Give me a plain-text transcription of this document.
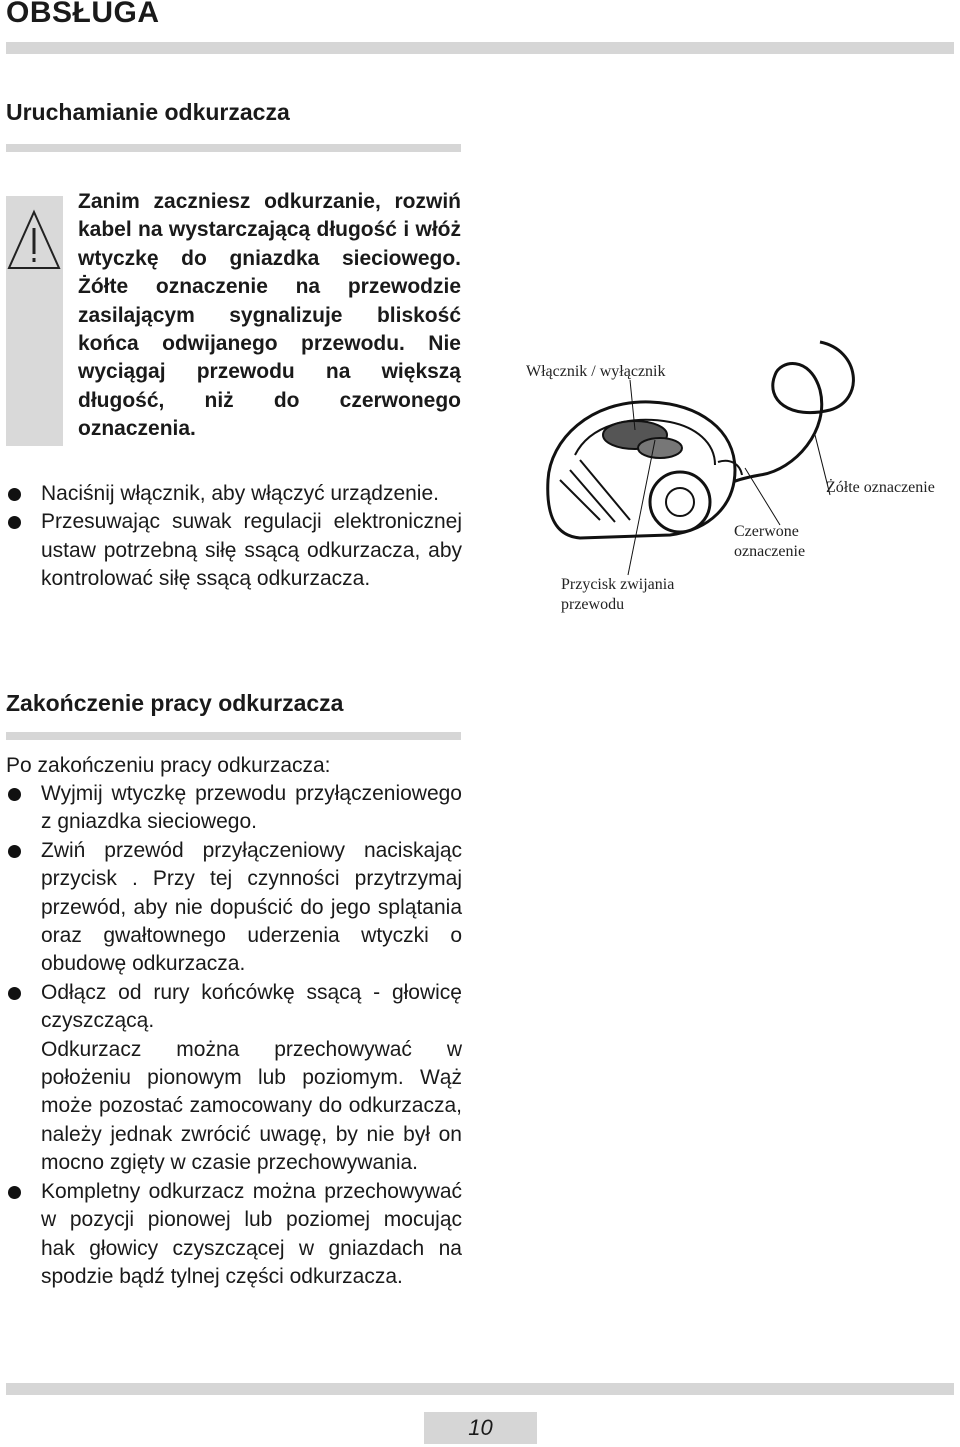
OBSŁUGA
Uruchamianie odkurzacza
Zanim zaczniesz odkurzanie, rozwiń kabel na wystarczającą długość i włóż wtyczkę do gniazdka sieciowego. Żółte oznaczenie na przewodzie zasilającym sygnalizuje bliskość końca odwijanego przewodu. Nie wyciągaj przewodu na większą długość, niż do czerwonego oznaczenia.
Naciśnij włącznik, aby włączyć urządzenie.
Przesuwając suwak regulacji elektronicznej ustaw potrzebną siłę ssącą odkurzacza, aby kontrolować siłę ssącą odkurzacza.
Włącznik / wyłącznik
Żółte oznaczenie
Czerwone oznaczenie
Przycisk zwijania przewodu
Zakończenie pracy odkurzacza
Po zakończeniu pracy odkurzacza:
Wyjmij wtyczkę przewodu przyłączeniowego z gniazdka sieciowego.
Zwiń przewód przyłączeniowy naciskając przycisk . Przy tej czynności przytrzymaj przewód, aby nie dopuścić do jego splątania oraz gwałtownego uderzenia wtyczki o obudowę odkurzacza.
Odłącz od rury końcówkę ssącą - głowicę czyszczącą.
Odkurzacz można przechowywać w położeniu pionowym lub poziomym. Wąż może pozostać zamocowany do odkurzacza, należy jednak zwrócić uwagę, by nie był on mocno zgięty w czasie przechowywania.
Kompletny odkurzacz można przechowywać w pozycji pionowej lub poziomej mocując hak głowicy czyszczącej w gniazdach na spodzie bądź tylnej części odkurzacza.
10
